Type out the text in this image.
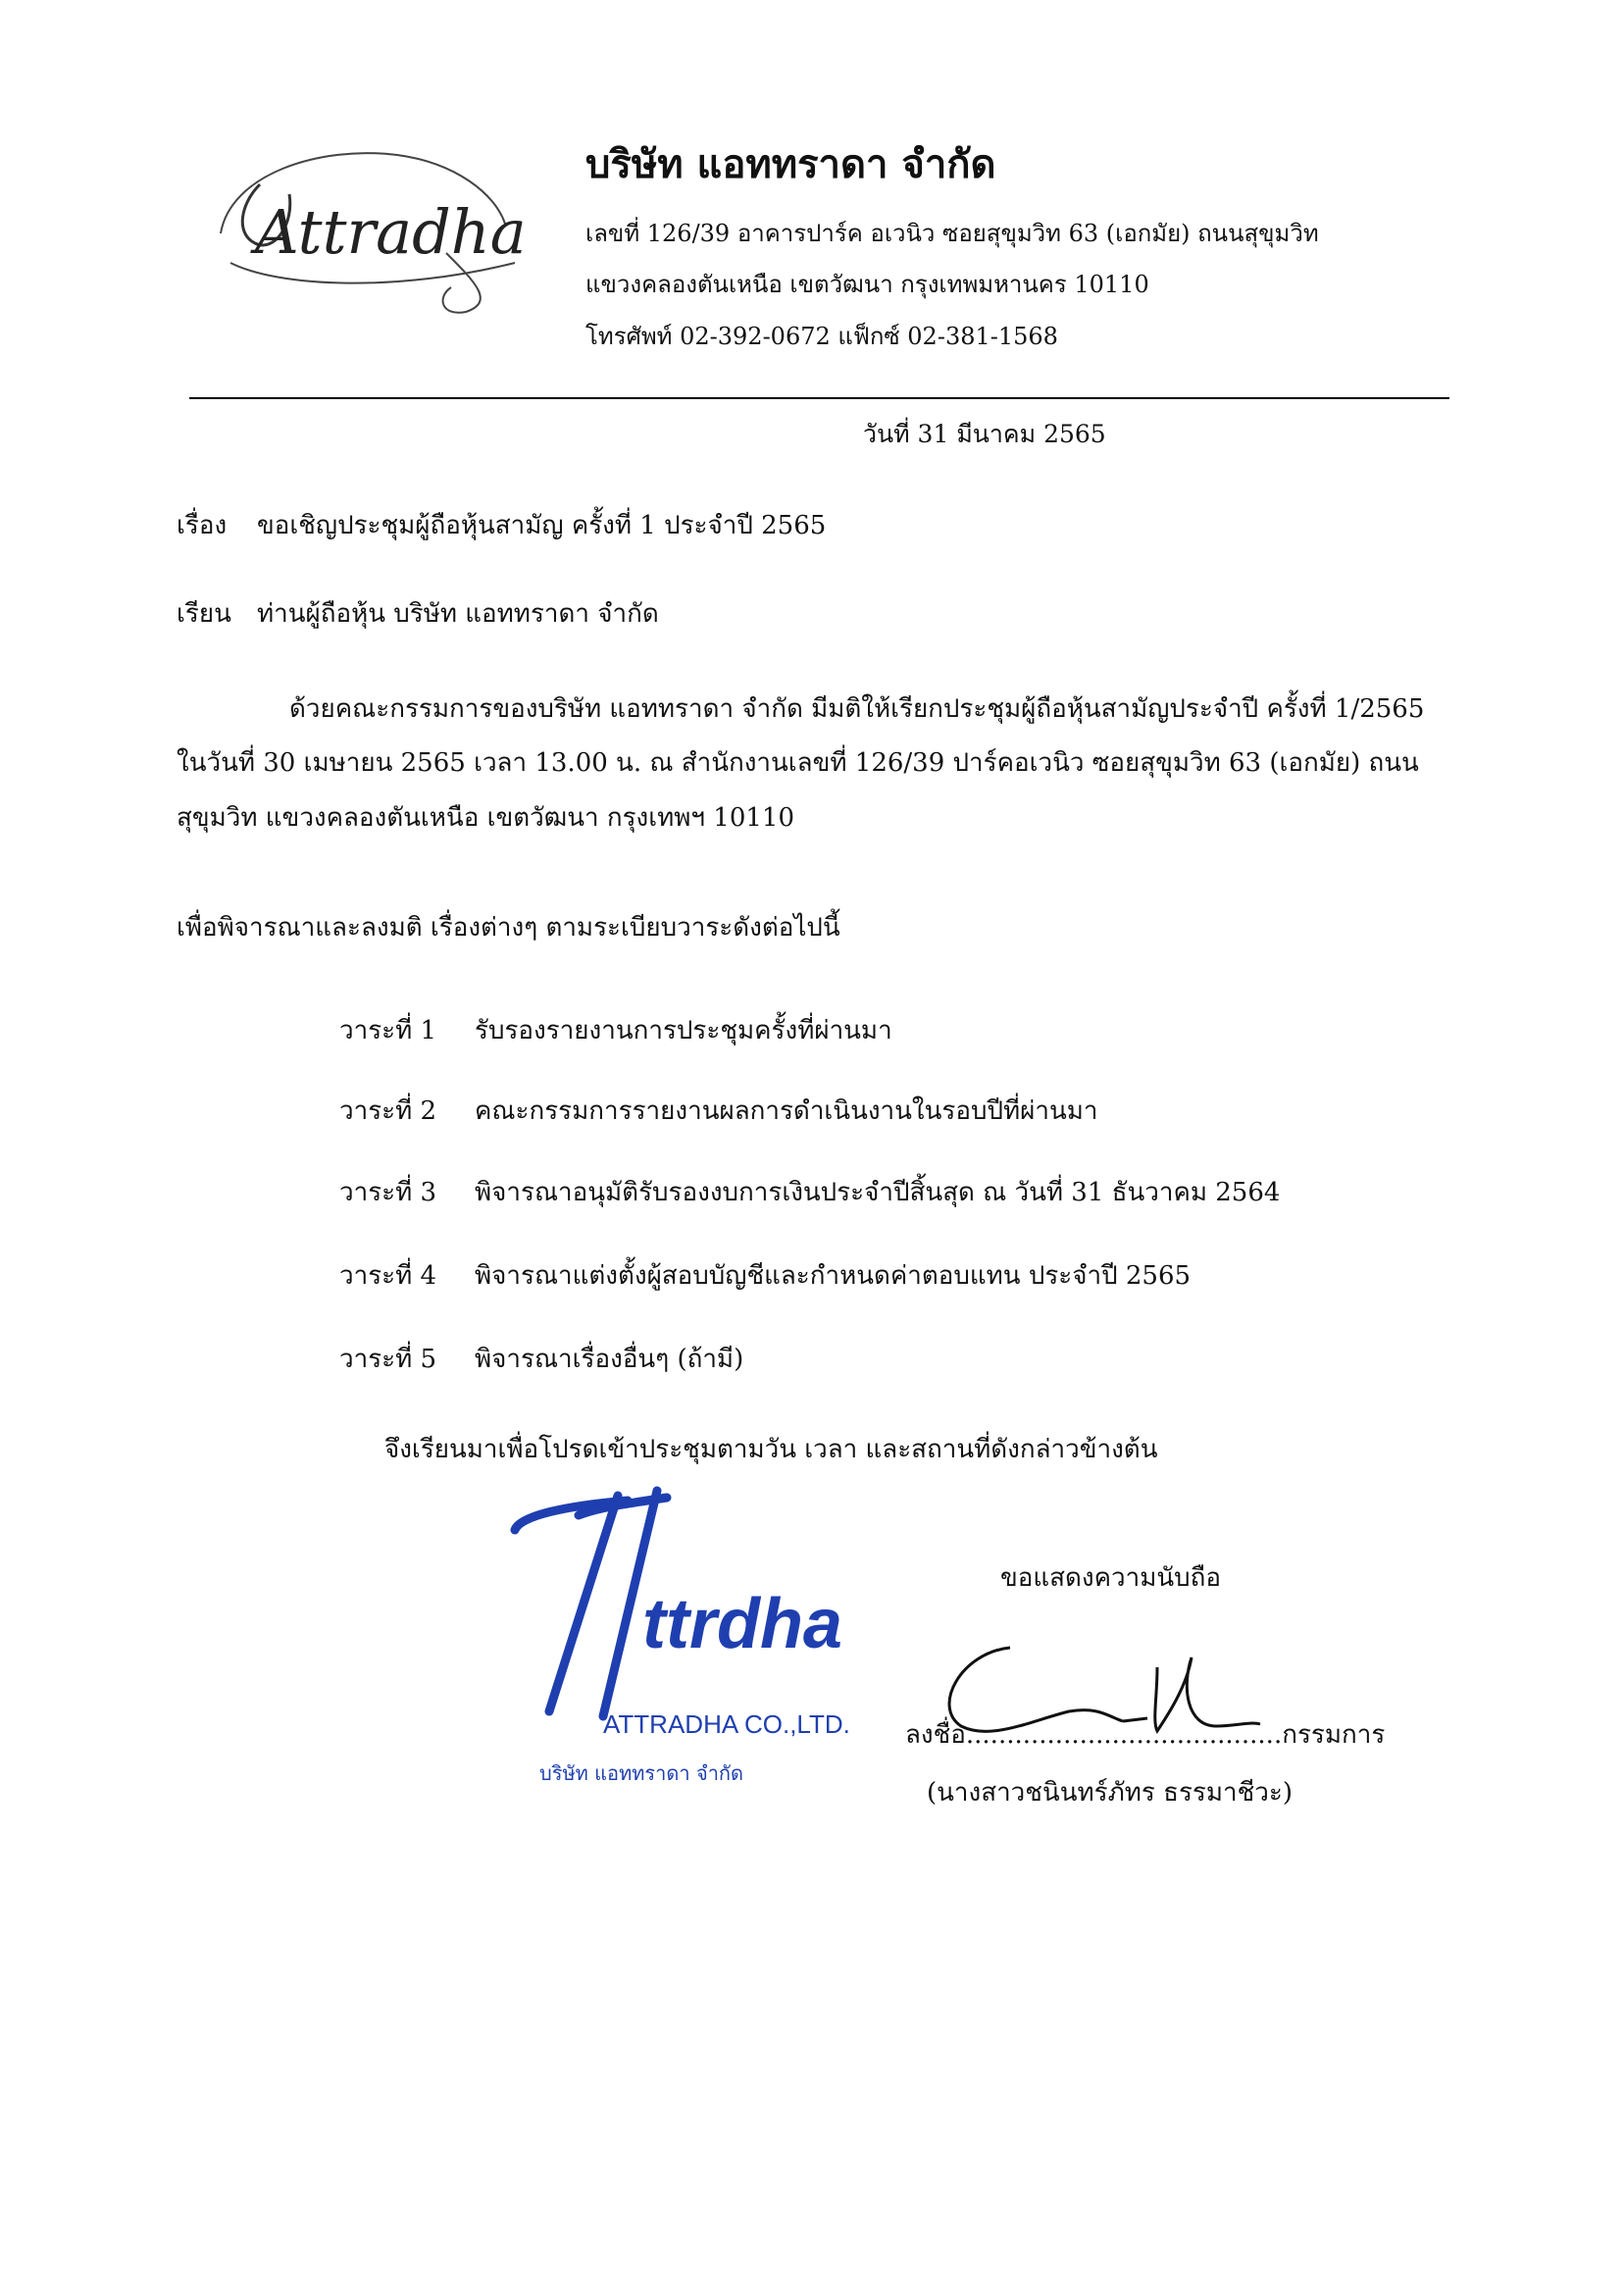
Attradha
บริษัท แอททราดา จำกัด
เลขที่ 126/39 อาคารปาร์ค อเวนิว ซอยสุขุมวิท 63 (เอกมัย) ถนนสุขุมวิท
แขวงคลองตันเหนือ เขตวัฒนา กรุงเทพมหานคร 10110
โทรศัพท์ 02-392-0672 แฟ็กซ์ 02-381-1568
วันที่ 31 มีนาคม 2565
เรื่อง ขอเชิญประชุมผู้ถือหุ้นสามัญ ครั้งที่ 1 ประจำปี 2565
เรียน ท่านผู้ถือหุ้น บริษัท แอททราดา จำกัด
ด้วยคณะกรรมการของบริษัท แอททราดา จำกัด มีมติให้เรียกประชุมผู้ถือหุ้นสามัญประจำปี ครั้งที่ 1/2565
ในวันที่ 30 เมษายน 2565 เวลา 13.00 น. ณ สำนักงานเลขที่ 126/39 ปาร์คอเวนิว ซอยสุขุมวิท 63 (เอกมัย) ถนน
สุขุมวิท แขวงคลองตันเหนือ เขตวัฒนา กรุงเทพฯ 10110
เพื่อพิจารณาและลงมติ เรื่องต่างๆ ตามระเบียบวาระดังต่อไปนี้
วาระที่ 1 รับรองรายงานการประชุมครั้งที่ผ่านมา
วาระที่ 2 คณะกรรมการรายงานผลการดำเนินงานในรอบปีที่ผ่านมา
วาระที่ 3 พิจารณาอนุมัติรับรองงบการเงินประจำปีสิ้นสุด ณ วันที่ 31 ธันวาคม 2564
วาระที่ 4 พิจารณาแต่งตั้งผู้สอบบัญชีและกำหนดค่าตอบแทน ประจำปี 2565
วาระที่ 5 พิจารณาเรื่องอื่นๆ (ถ้ามี)
จึงเรียนมาเพื่อโปรดเข้าประชุมตามวัน เวลา และสถานที่ดังกล่าวข้างต้น
ขอแสดงความนับถือ
ttrdha
ATTRADHA CO.,LTD.
บริษัท แอททราดา จำกัด
ลงชื่อ.......................................กรรมการ
(นางสาวชนินทร์ภัทร ธรรมาชีวะ)
